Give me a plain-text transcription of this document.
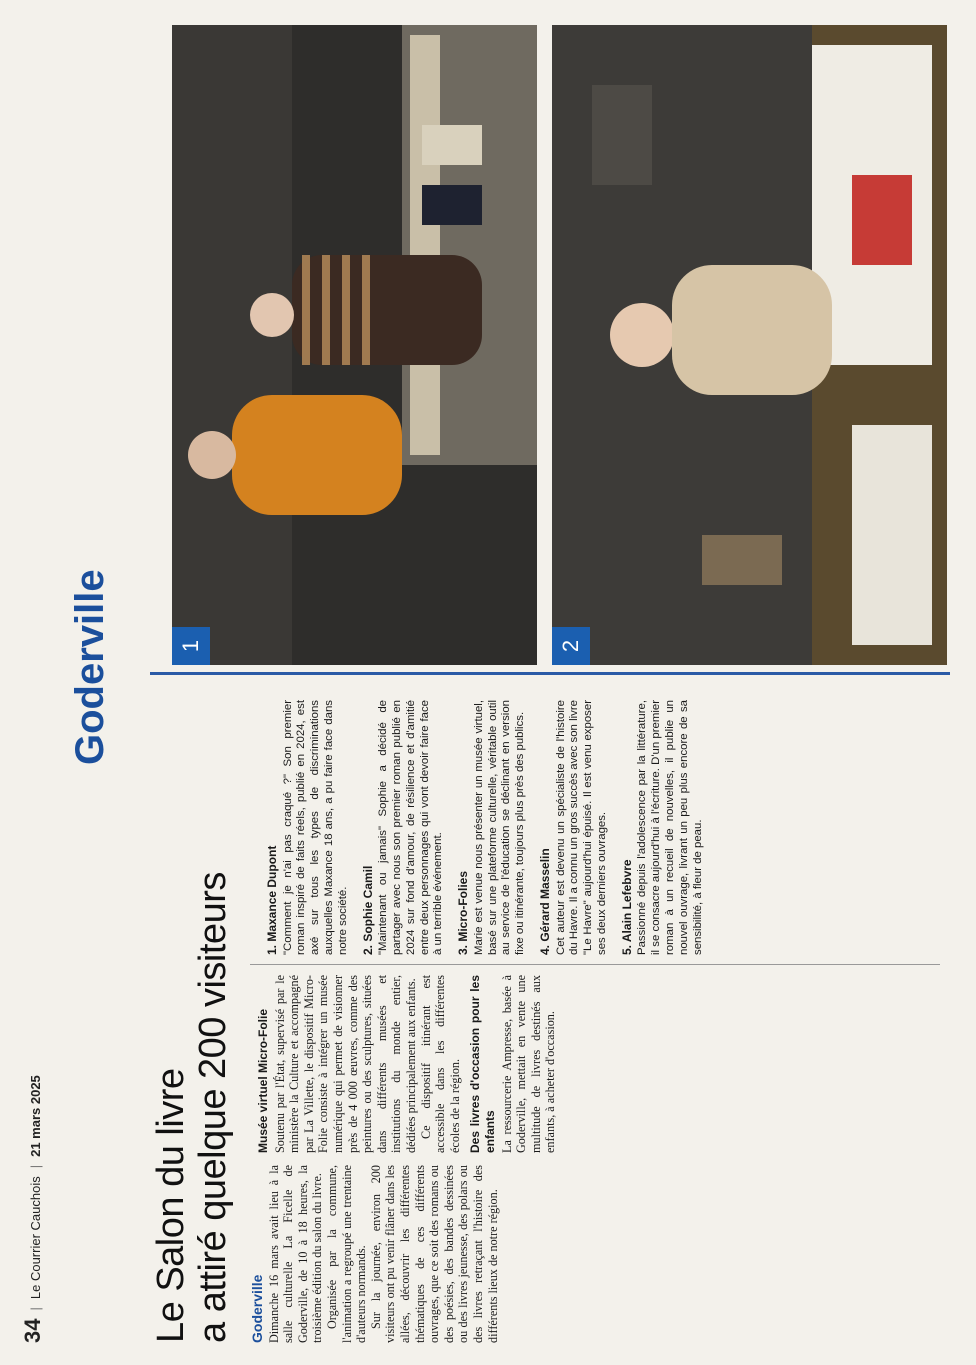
34
|
Le Courrier Cauchois
|
21 mars 2025	Le Salon du livre
a attiré quelque 200 visiteurs Goderville Dimanche 16 mars avait lieu à la salle culturelle La Ficelle de Goderville, de 10 à 18 heures, la troisième édition du salon du livre. Organisée par la commune, l'animation a regroupé une trentaine d'auteurs normands. Sur la journée, environ 200 visiteurs ont pu venir flâner dans les allées, découvrir les différentes thématiques de ces différents ouvrages, que ce soit des romans ou des poésies, des bandes dessinées ou des livres jeunesse, des polars ou des livres retraçant l'histoire des différents lieux de notre région.

Musée virtuel Micro-Folie Soutenu par l'État, supervisé par le ministère la Culture et accompagné par La Villette, le dispositif Micro-Folie consiste à intégrer un musée numérique qui permet de visionner près de 4 000 œuvres, comme des peintures ou des sculptures, situées dans différents musées et institutions du monde entier, dédiées principalement aux enfants. Ce dispositif itinérant est accessible dans les différentes écoles de la région. Des livres d'occasion pour les enfants La ressourcerie Ampresse, basée à Goderville, mettait en vente une multitude de livres destinés aux enfants, à acheter d'occasion.

1. Maxance Dupont "Comment je n'ai pas craqué ?" Son premier roman inspiré de faits réels, publié en 2024, est axé sur tous les types de discriminations auxquelles Maxance 18 ans, a pu faire face dans notre société. 2. Sophie Camil "Maintenant ou jamais" Sophie a décidé de partager avec nous son premier roman publié en 2024 sur fond d'amour, de résilience et d'amitié entre deux personnages qui vont devoir faire face à un terrible événement. 3. Micro-Folies Marie est venue nous présenter un musée virtuel, basé sur une plateforme culturelle, véritable outil au service de l'éducation se déclinant en version fixe ou itinérante, toujours plus près des publics. 4. Gérard Masselin Cet auteur est devenu un spécialiste de l'histoire du Havre. Il a connu un gros succès avec son livre "Le Havre" aujourd'hui épuisé. Il est venu exposer ses deux derniers ouvrages. 5. Alain Lefebvre Passionné depuis l'adolescence par la littérature, il se consacre aujourd'hui à l'écriture. D'un premier roman à un recueil de nouvelles, il publie un nouvel ouvrage, livrant un peu plus encore de sa sensibilité, à fleur de peau.
Goderville	1	2
